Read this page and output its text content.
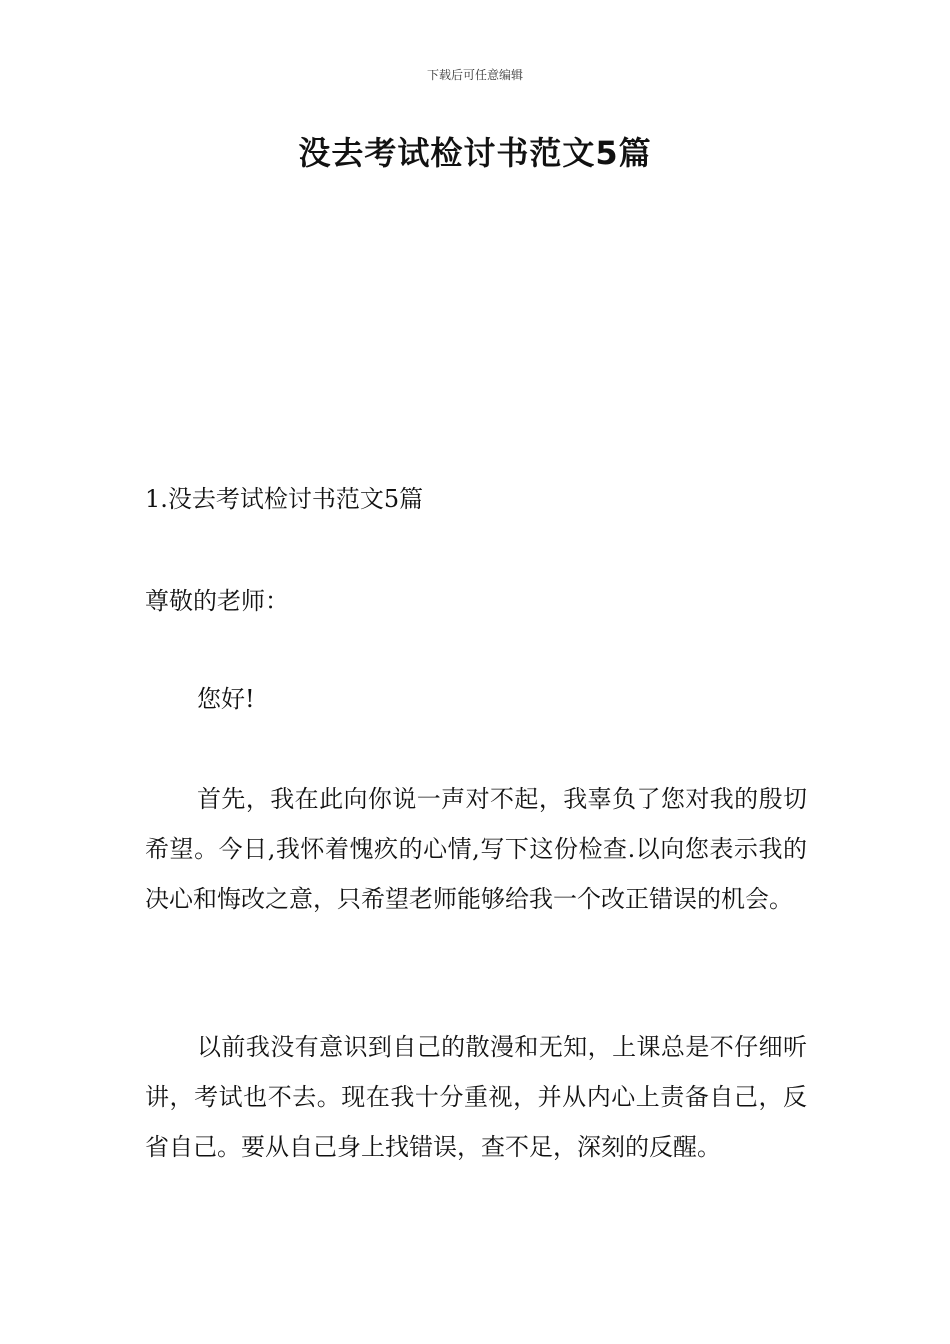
下载后可任意编辑
没去考试检讨书范文5篇

1.没去考试检讨书范文5篇

尊敬的老师：

您好!

首先，我在此向你说一声对不起，我辜负了您对我的殷切希望。今日,我怀着愧疚的心情,写下这份检查.以向您表示我的决心和悔改之意，只希望老师能够给我一个改正错误的机会。

以前我没有意识到自己的散漫和无知，上课总是不仔细听讲，考试也不去。现在我十分重视，并从内心上责备自己，反省自己。要从自己身上找错误，查不足，深刻的反醒。
